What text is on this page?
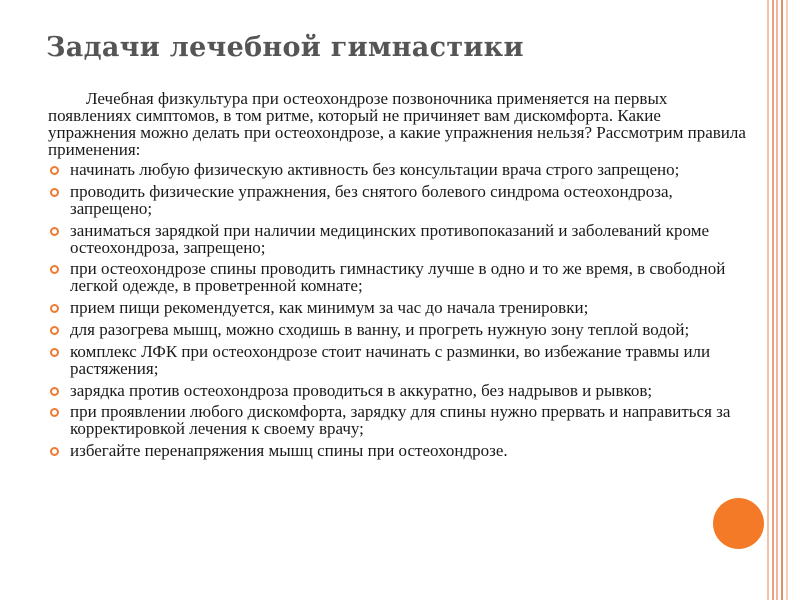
Задачи лечебной гимнастики

Лечебная физкультура при остеохондрозе позвоночника применяется на первых появлениях симптомов, в том ритме, который не причиняет вам дискомфорта. Какие упражнения можно делать при остеохондрозе, а какие упражнения нельзя? Рассмотрим правила применения:

начинать любую физическую активность без консультации врача строго запрещено;
проводить физические упражнения, без снятого болевого синдрома остеохондроза, запрещено;
заниматься зарядкой при наличии медицинских противопоказаний и заболеваний кроме остеохондроза, запрещено;
при остеохондрозе спины проводить гимнастику лучше в одно и то же время, в свободной легкой одежде, в проветренной комнате;
прием пищи рекомендуется, как минимум за час до начала тренировки;
для разогрева мышц, можно сходишь в ванну, и прогреть нужную зону теплой водой;
комплекс ЛФК при остеохондрозе стоит начинать с разминки, во избежание травмы или растяжения;
зарядка против остеохондроза проводиться в аккуратно, без надрывов и рывков;
при проявлении любого дискомфорта, зарядку для спины нужно прервать и направиться за корректировкой лечения к своему врачу;
избегайте перенапряжения мышц спины при остеохондрозе.
